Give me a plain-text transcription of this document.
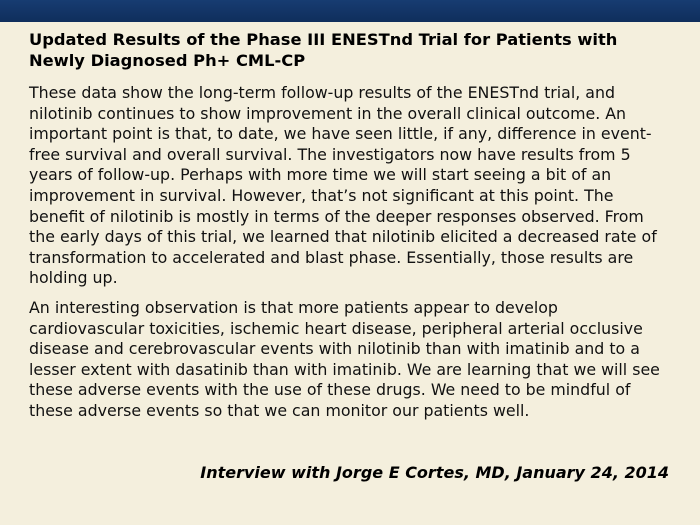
Updated Results of the Phase III ENESTnd Trial for Patients with Newly Diagnosed Ph+ CML-CP

These data show the long-term follow-up results of the ENESTnd trial, and nilotinib continues to show improvement in the overall clinical outcome. An important point is that, to date, we have seen little, if any, difference in event-free survival and overall survival. The investigators now have results from 5 years of follow-up. Perhaps with more time we will start seeing a bit of an improvement in survival. However, that’s not significant at this point. The benefit of nilotinib is mostly in terms of the deeper responses observed. From the early days of this trial, we learned that nilotinib elicited a decreased rate of transformation to accelerated and blast phase. Essentially, those results are holding up.

An interesting observation is that more patients appear to develop cardiovascular toxicities, ischemic heart disease, peripheral arterial occlusive disease and cerebrovascular events with nilotinib than with imatinib and to a lesser extent with dasatinib than with imatinib. We are learning that we will see these adverse events with the use of these drugs. We need to be mindful of these adverse events so that we can monitor our patients well.

Interview with Jorge E Cortes, MD, January 24, 2014
